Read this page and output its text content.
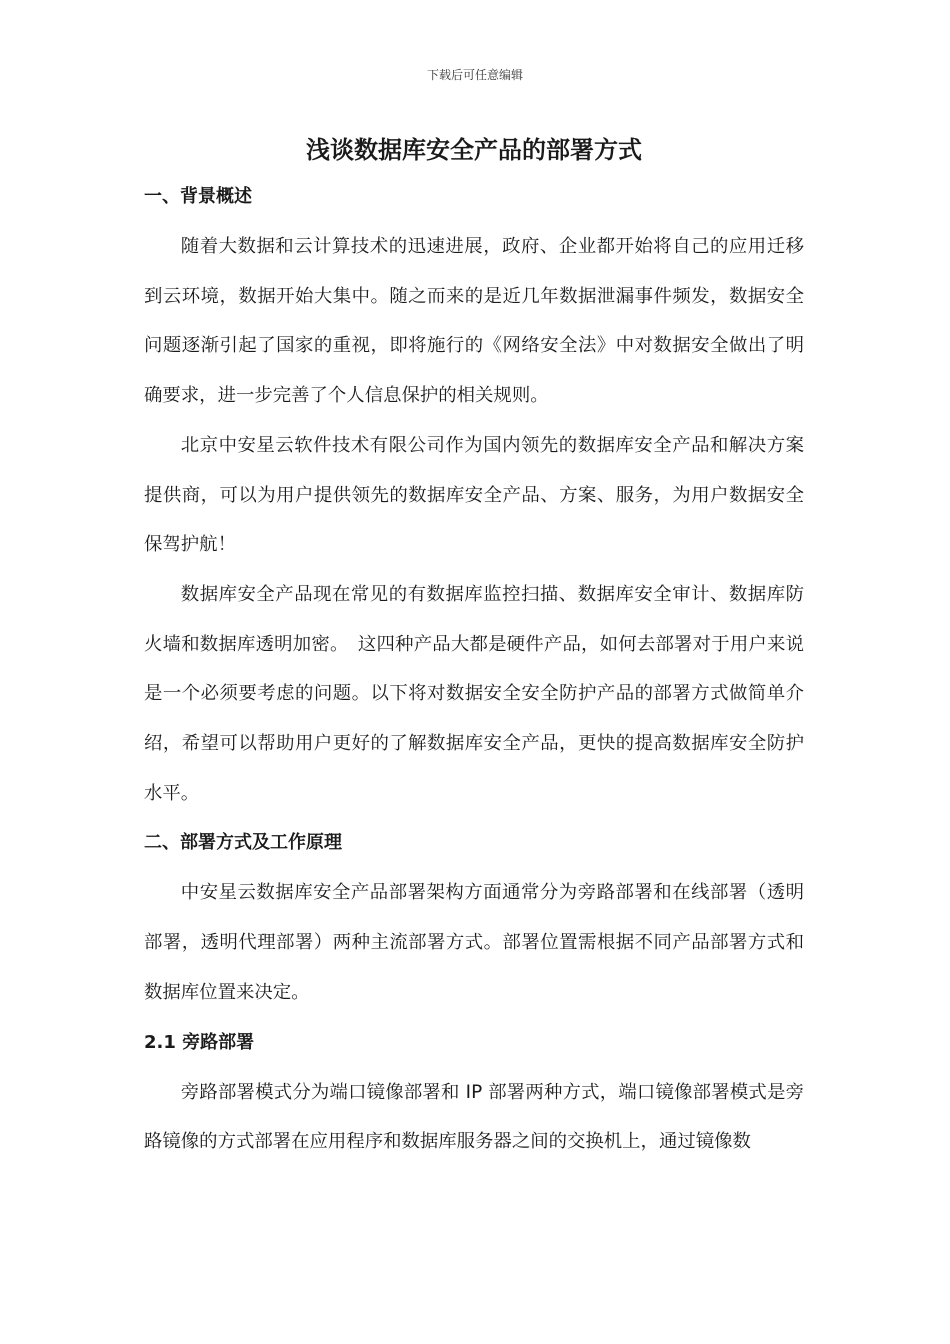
下载后可任意编辑
浅谈数据库安全产品的部署方式
一、背景概述

随着大数据和云计算技术的迅速进展，政府、企业都开始将自己的应用迁移到云环境，数据开始大集中。随之而来的是近几年数据泄漏事件频发，数据安全问题逐渐引起了国家的重视，即将施行的《网络安全法》中对数据安全做出了明确要求，进一步完善了个人信息保护的相关规则。

北京中安星云软件技术有限公司作为国内领先的数据库安全产品和解决方案提供商，可以为用户提供领先的数据库安全产品、方案、服务，为用户数据安全保驾护航！

数据库安全产品现在常见的有数据库监控扫描、数据库安全审计、数据库防火墙和数据库透明加密。　这四种产品大都是硬件产品，如何去部署对于用户来说是一个必须要考虑的问题。以下将对数据安全安全防护产品的部署方式做简单介绍，希望可以帮助用户更好的了解数据库安全产品，更快的提高数据库安全防护水平。

二、部署方式及工作原理

中安星云数据库安全产品部署架构方面通常分为旁路部署和在线部署（透明部署，透明代理部署）两种主流部署方式。部署位置需根据不同产品部署方式和数据库位置来决定。

2.1 旁路部署

旁路部署模式分为端口镜像部署和 IP 部署两种方式，端口镜像部署模式是旁路镜像的方式部署在应用程序和数据库服务器之间的交换机上，通过镜像数
